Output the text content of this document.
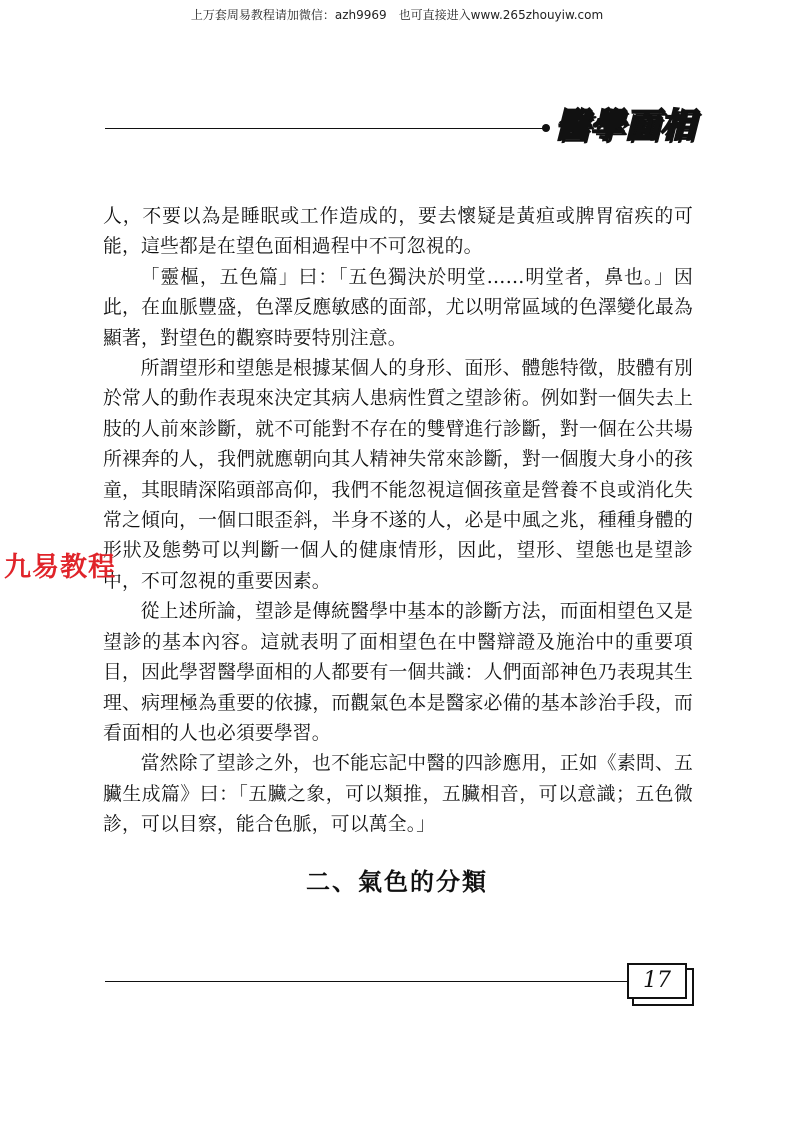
上万套周易教程请加微信：azh9969　也可直接进入www.265zhouyiw.com
醫學面相

人，不要以為是睡眠或工作造成的，要去懷疑是黃疸或脾胃宿疾的可能，這些都是在望色面相過程中不可忽視的。

「靈樞，五色篇」曰：「五色獨決於明堂……明堂者，鼻也。」因此，在血脈豐盛，色澤反應敏感的面部，尤以明常區域的色澤變化最為顯著，對望色的觀察時要特別注意。

所謂望形和望態是根據某個人的身形、面形、體態特徵，肢體有別於常人的動作表現來決定其病人患病性質之望診術。例如對一個失去上肢的人前來診斷，就不可能對不存在的雙臂進行診斷，對一個在公共場所裸奔的人，我們就應朝向其人精神失常來診斷，對一個腹大身小的孩童，其眼睛深陷頭部高仰，我們不能忽視這個孩童是營養不良或消化失常之傾向，一個口眼歪斜，半身不遂的人，必是中風之兆，種種身體的形狀及態勢可以判斷一個人的健康情形，因此，望形、望態也是望診中，不可忽視的重要因素。

從上述所論，望診是傳統醫學中基本的診斷方法，而面相望色又是望診的基本內容。這就表明了面相望色在中醫辯證及施治中的重要項目，因此學習醫學面相的人都要有一個共識：人們面部神色乃表現其生理、病理極為重要的依據，而觀氣色本是醫家必備的基本診治手段，而看面相的人也必須要學習。

當然除了望診之外，也不能忘記中醫的四診應用，正如《素問、五臟生成篇》曰：「五臟之象，可以類推，五臟相音，可以意識；五色微診，可以目察，能合色脈，可以萬全。」

二、氣色的分類
九易教程
17
